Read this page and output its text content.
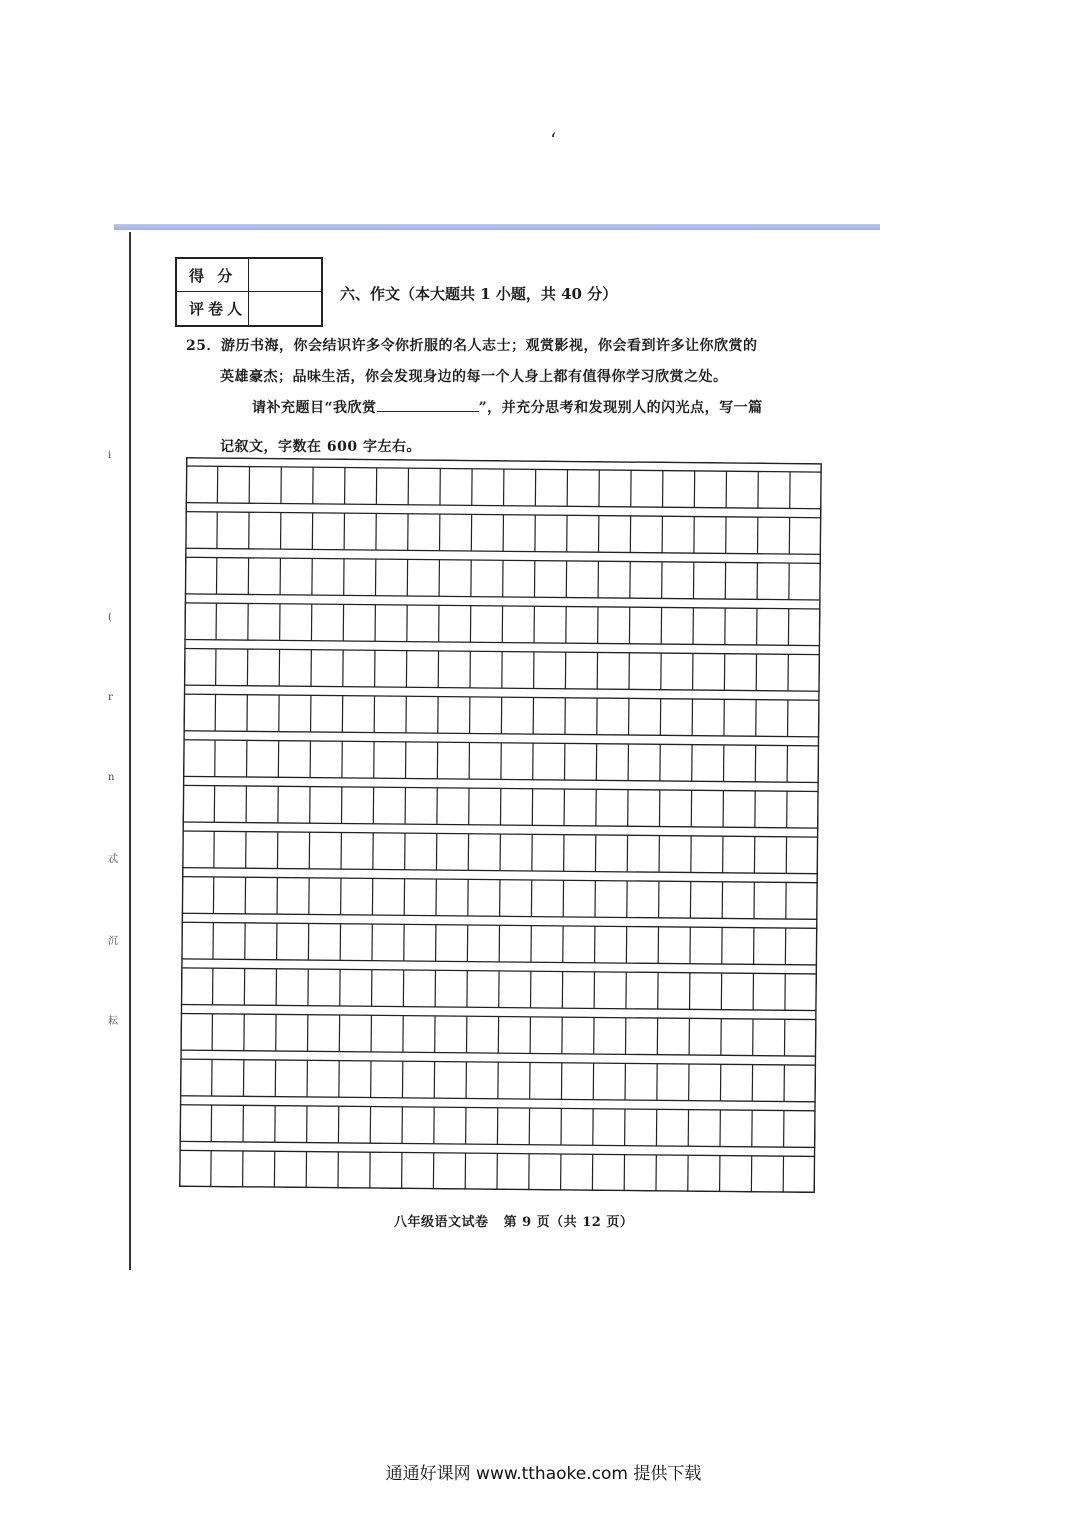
‘
i
(
r
n
忒
沉
耘
得 分
评卷人
六、作文（本大题共 1 小题，共 40 分）
25．游历书海，你会结识许多令你折服的名人志士；观赏影视，你会看到许多让你欣赏的
英雄豪杰；品味生活，你会发现身边的每一个人身上都有值得你学习欣赏之处。
请补充题目“我欣赏	”，并充分思考和发现别人的闪光点，写一篇
记叙文，字数在 600 字左右。
八年级语文试卷   第 9 页（共 12 页）
通通好课网 www.tthaoke.com 提供下载
